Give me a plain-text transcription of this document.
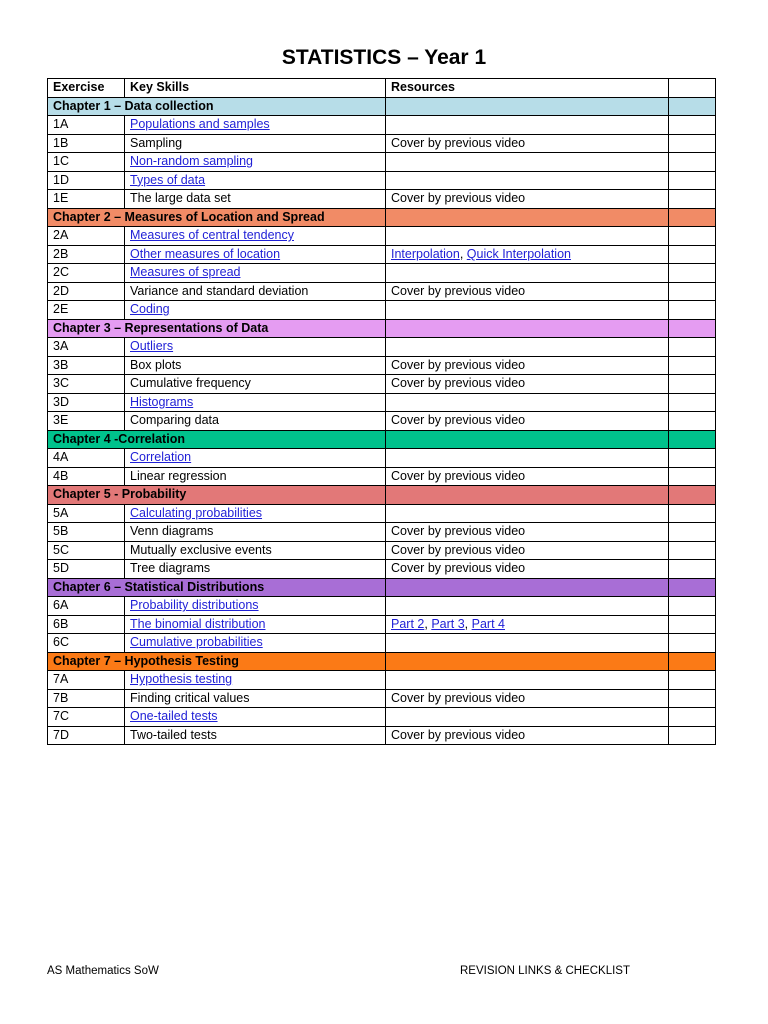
STATISTICS – Year 1
Exercise	Key Skills	Resources	
Chapter 1 – Data collection			
1A	Populations and samples		
1B	Sampling	Cover by previous video	
1C	Non-random sampling		
1D	Types of data		
1E	The large data set	Cover by previous video	
Chapter 2 – Measures of Location and Spread			
2A	Measures of central tendency		
2B	Other measures of location	Interpolation, Quick Interpolation	
2C	Measures of spread		
2D	Variance and standard deviation	Cover by previous video	
2E	Coding		
Chapter 3 – Representations of Data			
3A	Outliers		
3B	Box plots	Cover by previous video	
3C	Cumulative frequency	Cover by previous video	
3D	Histograms		
3E	Comparing data	Cover by previous video	
Chapter 4 -Correlation			
4A	Correlation		
4B	Linear regression	Cover by previous video	
Chapter 5 - Probability			
5A	Calculating probabilities		
5B	Venn diagrams	Cover by previous video	
5C	Mutually exclusive events	Cover by previous video	
5D	Tree diagrams	Cover by previous video	
Chapter 6 – Statistical Distributions			
6A	Probability distributions		
6B	The binomial distribution	Part 2, Part 3, Part 4	
6C	Cumulative probabilities		
Chapter 7 – Hypothesis Testing			
7A	Hypothesis testing		
7B	Finding critical values	Cover by previous video	
7C	One-tailed tests		
7D	Two-tailed tests	Cover by previous video	
AS Mathematics SoW	REVISION LINKS & CHECKLIST
